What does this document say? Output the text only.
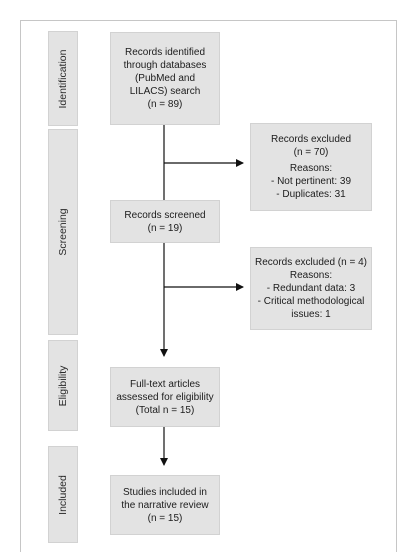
Identification
Screening
Eligibility
Included
Records identified
through databases
(PubMed and
LILACS) search
(n = 89)
Records excluded
(n = 70)
Reasons:
- Not pertinent: 39
- Duplicates: 31
Records screened
(n = 19)
Records excluded (n = 4)
Reasons:
- Redundant data: 3
- Critical methodological
issues: 1
Full-text articles
assessed for eligibility
(Total n = 15)
Studies included in
the narrative review
(n = 15)
